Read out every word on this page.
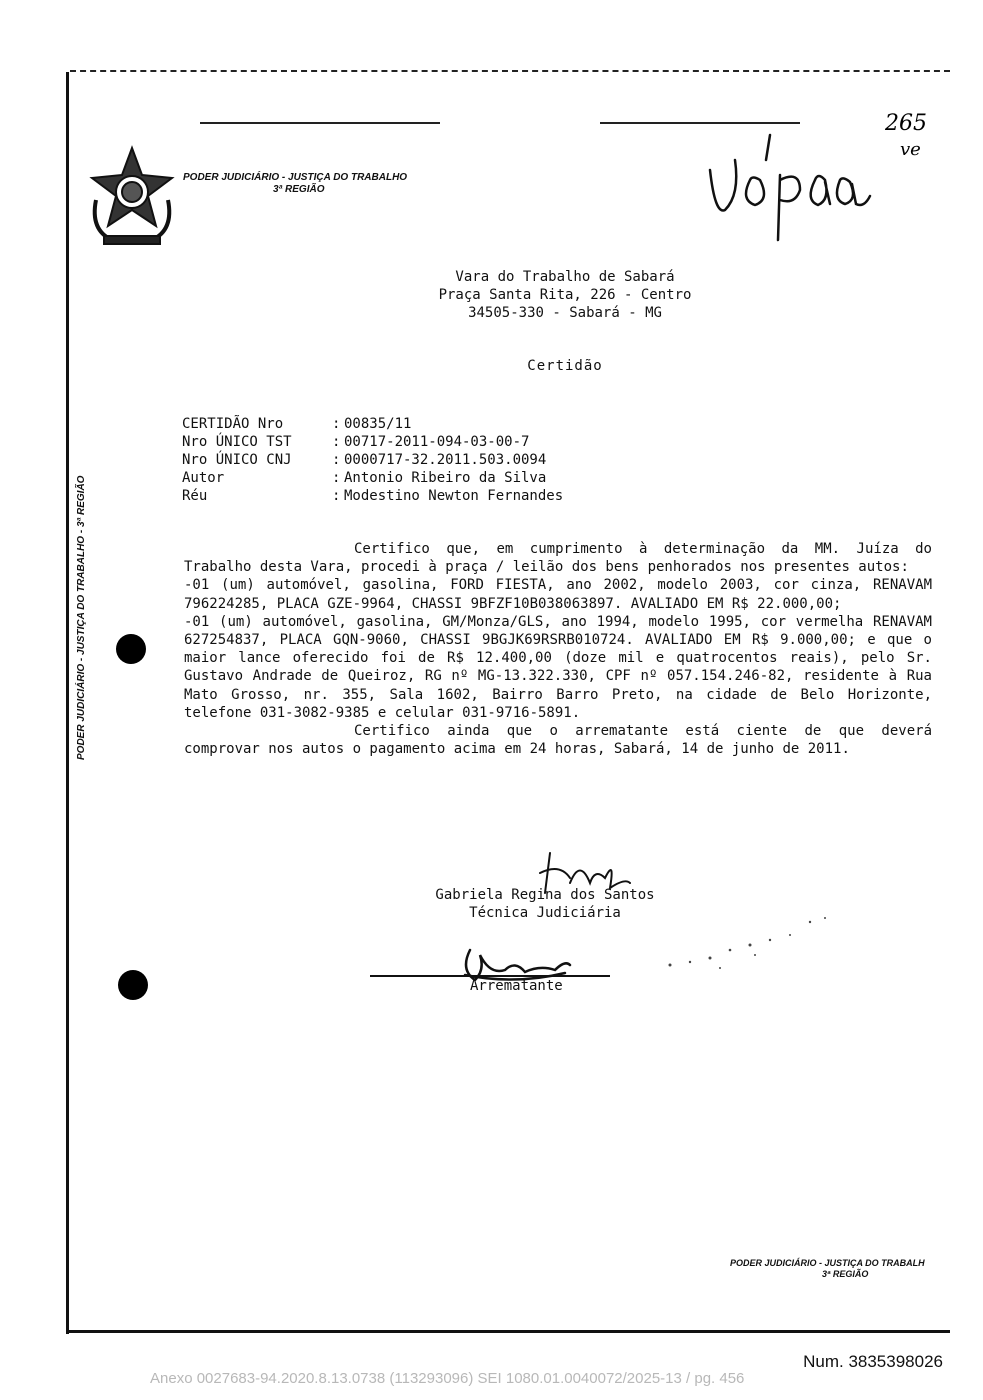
PODER JUDICIÁRIO - JUSTIÇA DO TRABALHO
3ª REGIÃO
265
ve
PODER JUDICIÁRIO - JUSTIÇA DO TRABALHO - 3ª REGIÃO
Vara do Trabalho de Sabará
Praça Santa Rita, 226 - Centro
34505-330 - Sabará - MG
Certidão
CERTIDÃO Nro	: 00835/11
Nro ÚNICO TST	: 00717-2011-094-03-00-7
Nro ÚNICO CNJ	: 0000717-32.2011.503.0094
Autor	: Antonio Ribeiro da Silva
Réu	: Modestino Newton Fernandes

Certifico que, em cumprimento à determinação da MM. Juíza do Trabalho desta Vara, procedi à praça / leilão dos bens penhorados nos presentes autos:

-01 (um) automóvel, gasolina, FORD FIESTA, ano 2002, modelo 2003, cor cinza, RENAVAM 796224285, PLACA GZE-9964, CHASSI 9BFZF10B038063897. AVALIADO EM R$ 22.000,00;

-01 (um) automóvel, gasolina, GM/Monza/GLS, ano 1994, modelo 1995, cor vermelha RENAVAM 627254837, PLACA GQN-9060, CHASSI 9BGJK69RSRB010724. AVALIADO EM R$ 9.000,00; e que o maior lance oferecido foi de R$ 12.400,00 (doze mil e quatrocentos reais), pelo Sr. Gustavo Andrade de Queiroz, RG nº MG-13.322.330, CPF nº 057.154.246-82, residente à Rua Mato Grosso, nr. 355, Sala 1602, Bairro Barro Preto, na cidade de Belo Horizonte, telefone 031-3082-9385 e celular 031-9716-5891.

Certifico ainda que o arrematante está ciente de que deverá comprovar nos autos o pagamento acima em 24 horas, Sabará, 14 de junho de 2011.

Gabriela Regina dos Santos
Técnica Judiciária
Arrematante
PODER JUDICIÁRIO - JUSTIÇA DO TRABALH
3ª REGIÃO
Num. 3835398026
Anexo 0027683-94.2020.8.13.0738 (113293096) SEI 1080.01.0040072/2025-13 / pg. 456
